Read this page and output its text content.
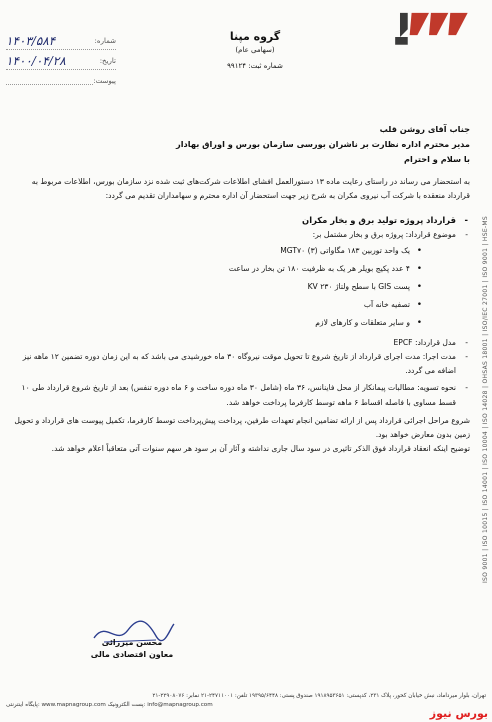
گروه مپنا
(سهامی عام)
شماره ثبت: ۹۹۱۲۴
شماره:
۱۴۰۳/۵۸۴
تاریخ:
۱۴۰۰/۰۴/۲۸
پیوست:
ISO 9001 | ISO 10015 | ISO 14001 | ISO 10004 | ISO 14028 | OHSAS 18001 | ISO/IEC 27001 | ISO 9001 | HSE-MS
جناب آقای روشن قلب
مدیر محترم اداره نظارت بر ناشران بورسی سازمان بورس و اوراق بهادار
با سلام و احترام
به استحضار می رساند در راستای رعایت ماده ۱۳ دستورالعمل افشای اطلاعات شرکت‌های ثبت شده نزد سازمان بورس، اطلاعات مربوط به قرارداد منعقده با شرکت آب نیروی مکران به شرح زیر جهت استحضار آن اداره محترم و سهامداران تقدیم می گردد:
- قرارداد پروژه تولید برق و بخار مکران
- موضوع قرارداد: پروژه برق و بخار مشتمل بر:
• یک واحد توربین ۱۸۳ مگاواتی (۳) MGT۷۰
• ۴ عدد پکیج بویلر هر یک به ظرفیت ۱۸۰ تن بخار در ساعت
• پست GIS با سطح ولتاژ ۲۳۰ KV
• تصفیه خانه آب
• و سایر متعلقات و کارهای لازم
- مدل قرارداد: EPCF
- مدت اجرا: مدت اجرای قرارداد از تاریخ شروع تا تحویل موقت نیروگاه ۳۰ ماه خورشیدی می باشد که به این زمان دوره تضمین ۱۲ ماهه نیز اضافه می گردد.
- نحوه تسویه: مطالبات پیمانکار از محل فاینانس، ۳۶ ماه (شامل ۳۰ ماه دوره ساخت و ۶ ماه دوره تنفس) بعد از تاریخ شروع قرارداد طی ۱۰ قسط مساوی با فاصله اقساط ۶ ماهه توسط کارفرما پرداخت خواهد شد.
شروع مراحل اجرائی قرارداد پس از ارائه تضامین انجام تعهدات طرفین، پرداخت پیش‌پرداخت توسط کارفرما، تکمیل پیوست های قرارداد و تحویل زمین بدون معارض خواهد بود.
توضیح اینکه انعقاد قرارداد فوق الذکر تاثیری در سود سال جاری نداشته و آثار آن بر سود هر سهم سنوات آتی متعاقباً اعلام خواهد شد.
محسن میرزائی
معاون اقتصادی مالی
تهران، بلوار میرداماد، نبش خیابان کحور، پلاک ۲۳۱، کدپستی: ۱۹۱۸۹۵۳۶۵۱ صندوق پستی: ۱۹۳۹۵/۶۴۴۸ تلفن: ۲۴۷۱۱۰۰۱-۲۱ نمابر: ۲۲۹۰۸۰۷۶-۲۱
پایگاه اینترنتی: www.mapnagroup.com پست الکترونیک: info@mapnagroup.com
بورس نیوز
